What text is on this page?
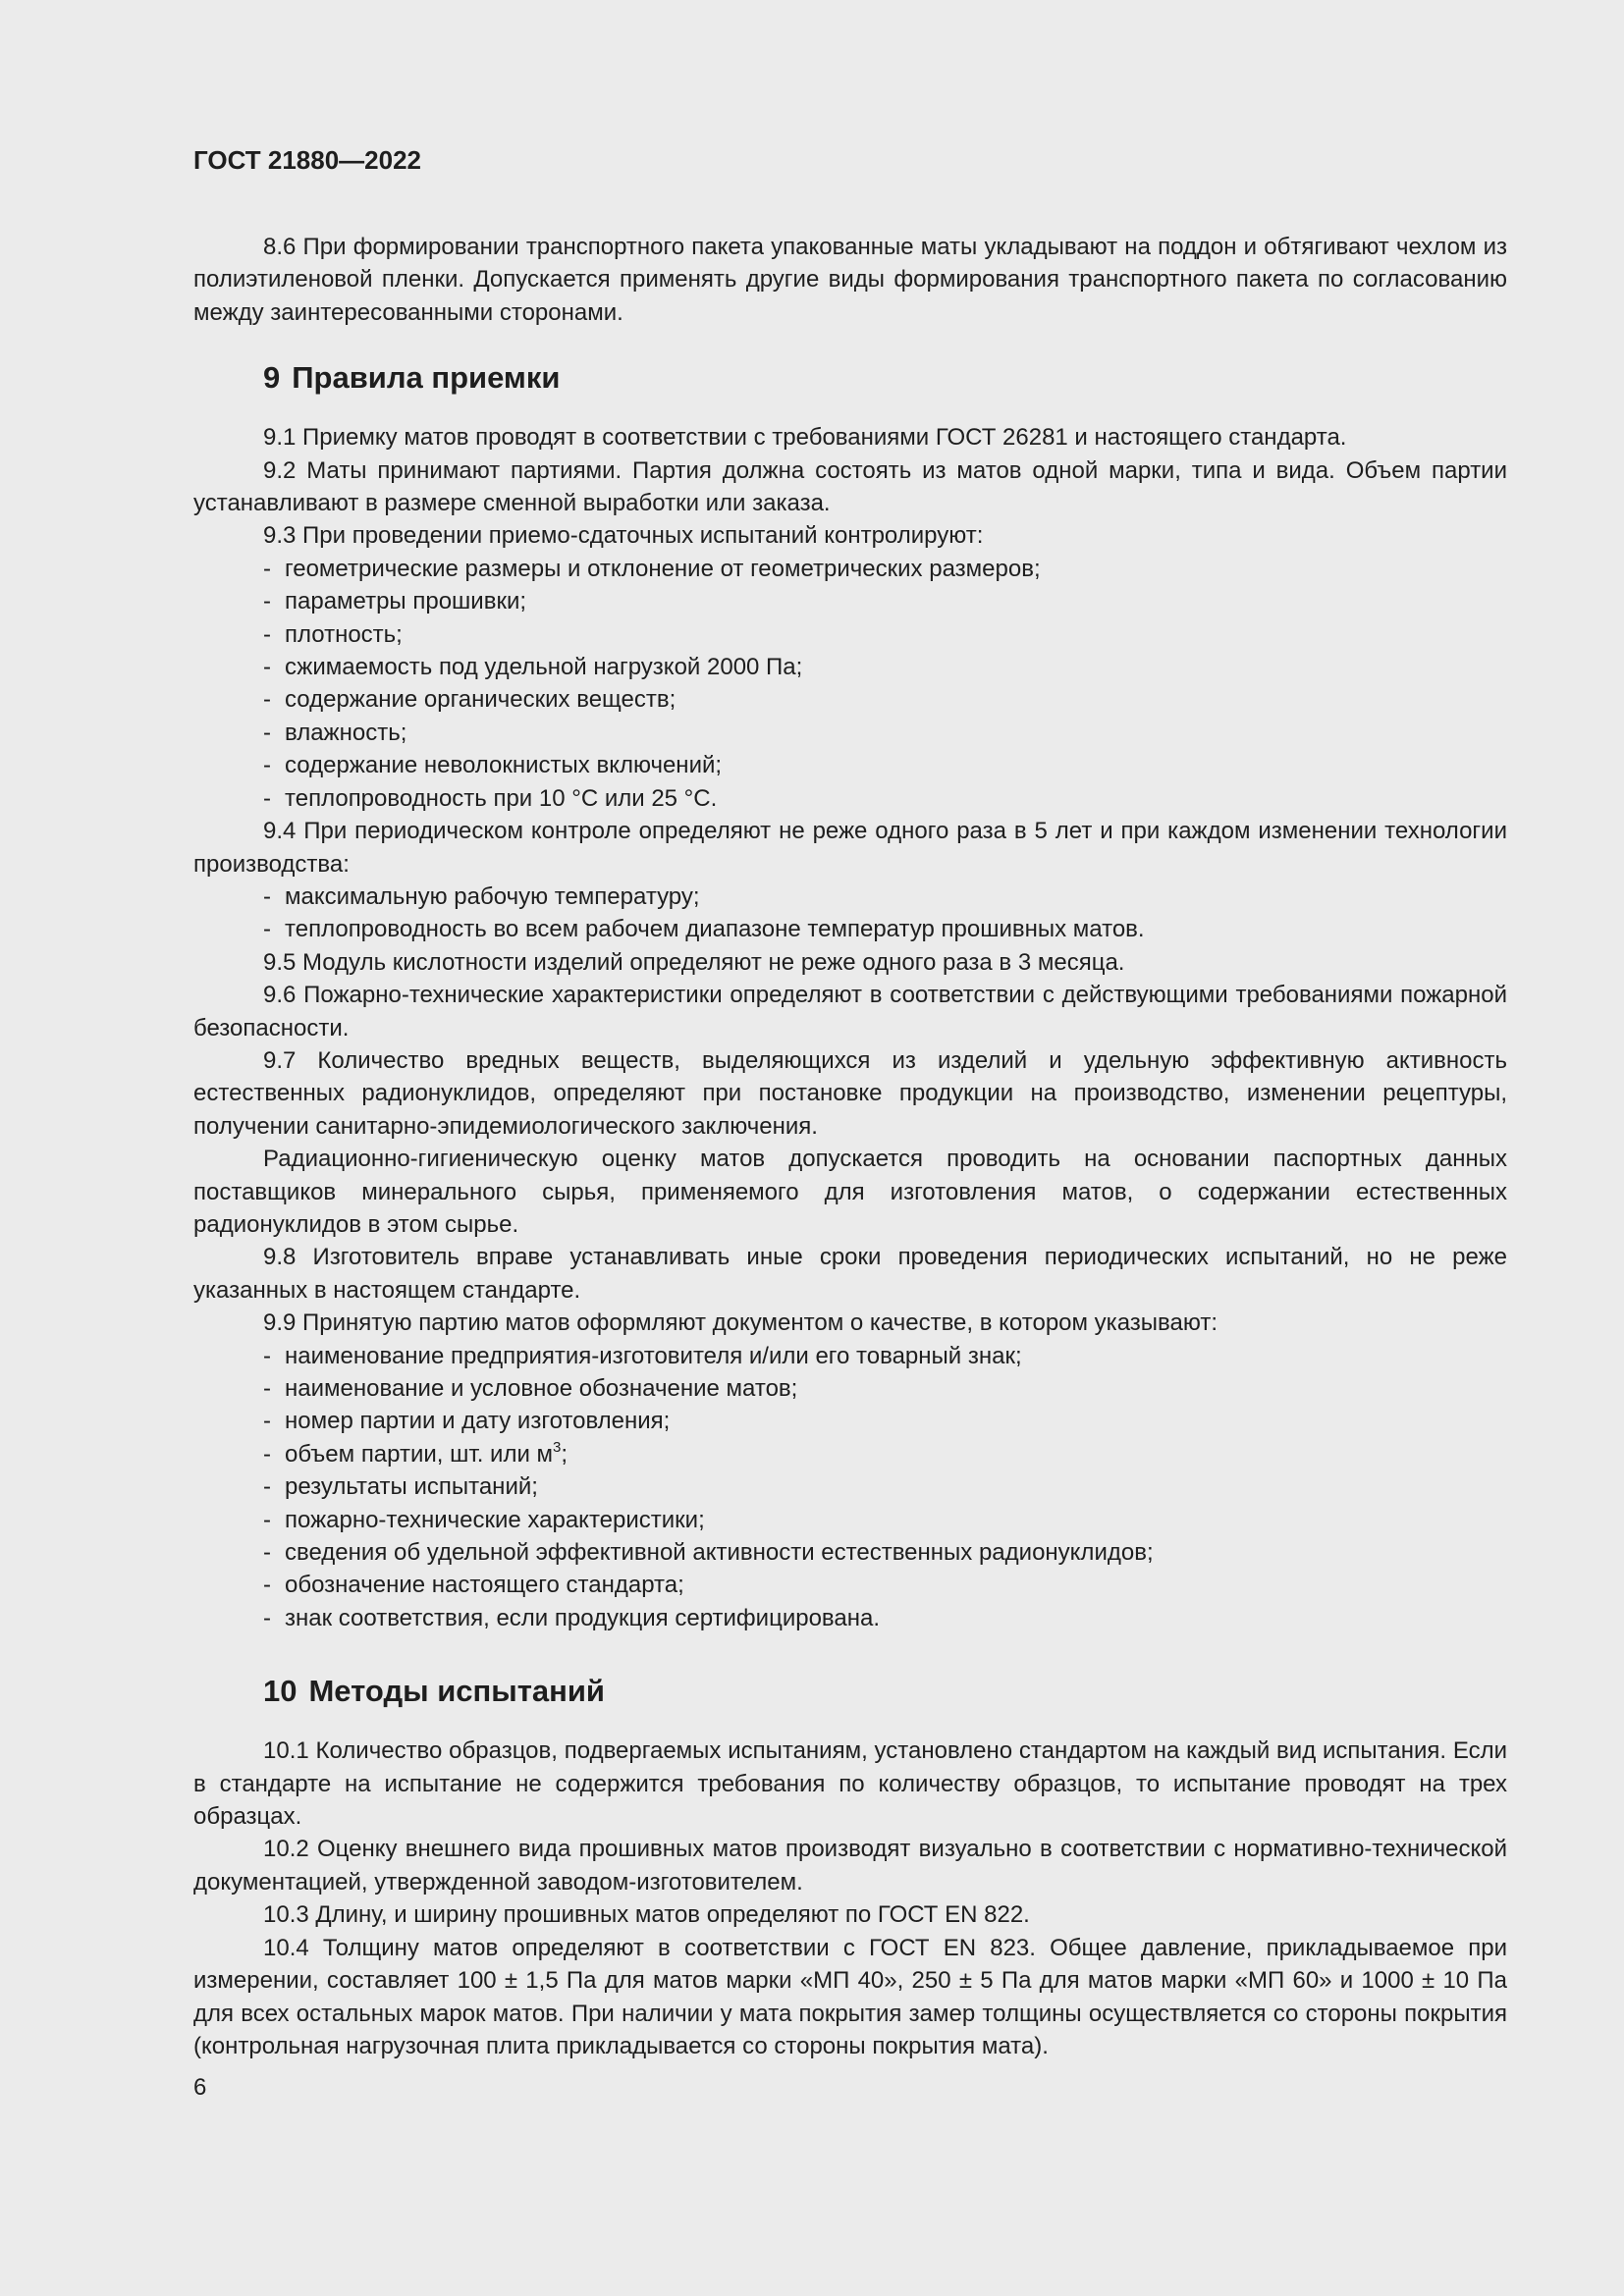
ГОСТ 21880—2022

8.6 При формировании транспортного пакета упакованные маты укладывают на поддон и обтягивают чехлом из полиэтиленовой пленки. Допускается применять другие виды формирования транспортного пакета по согласованию между заинтересованными сторонами.

9 Правила приемки

9.1 Приемку матов проводят в соответствии с требованиями ГОСТ 26281 и настоящего стандарта.

9.2 Маты принимают партиями. Партия должна состоять из матов одной марки, типа и вида. Объем партии устанавливают в размере сменной выработки или заказа.

9.3 При проведении приемо-сдаточных испытаний контролируют:

- геометрические размеры и отклонение от геометрических размеров;
- параметры прошивки;
- плотность;
- сжимаемость под удельной нагрузкой 2000 Па;
- содержание органических веществ;
- влажность;
- содержание неволокнистых включений;
- теплопроводность при 10 °С или 25 °С.

9.4 При периодическом контроле определяют не реже одного раза в 5 лет и при каждом изменении технологии производства:

- максимальную рабочую температуру;
- теплопроводность во всем рабочем диапазоне температур прошивных матов.

9.5 Модуль кислотности изделий определяют не реже одного раза в 3 месяца.

9.6 Пожарно-технические характеристики определяют в соответствии с действующими требованиями пожарной безопасности.

9.7 Количество вредных веществ, выделяющихся из изделий и удельную эффективную активность естественных радионуклидов, определяют при постановке продукции на производство, изменении рецептуры, получении санитарно-эпидемиологического заключения.

Радиационно-гигиеническую оценку матов допускается проводить на основании паспортных данных поставщиков минерального сырья, применяемого для изготовления матов, о содержании естественных радионуклидов в этом сырье.

9.8 Изготовитель вправе устанавливать иные сроки проведения периодических испытаний, но не реже указанных в настоящем стандарте.

9.9 Принятую партию матов оформляют документом о качестве, в котором указывают:

- наименование предприятия-изготовителя и/или его товарный знак;
- наименование и условное обозначение матов;
- номер партии и дату изготовления;
- объем партии, шт. или $м^3$;
- результаты испытаний;
- пожарно-технические характеристики;
- сведения об удельной эффективной активности естественных радионуклидов;
- обозначение настоящего стандарта;
- знак соответствия, если продукция сертифицирована.
10 Методы испытаний

10.1 Количество образцов, подвергаемых испытаниям, установлено стандартом на каждый вид испытания. Если в стандарте на испытание не содержится требования по количеству образцов, то испытание проводят на трех образцах.

10.2 Оценку внешнего вида прошивных матов производят визуально в соответствии с нормативно-технической документацией, утвержденной заводом-изготовителем.

10.3 Длину, и ширину прошивных матов определяют по ГОСТ EN 822.

10.4 Толщину матов определяют в соответствии с ГОСТ EN 823. Общее давление, прикладываемое при измерении, составляет 100 ± 1,5 Па для матов марки «МП 40», 250 ± 5 Па для матов марки «МП 60» и 1000 ± 10 Па для всех остальных марок матов. При наличии у мата покрытия замер толщины осуществляется со стороны покрытия (контрольная нагрузочная плита прикладывается со стороны покрытия мата).

6
